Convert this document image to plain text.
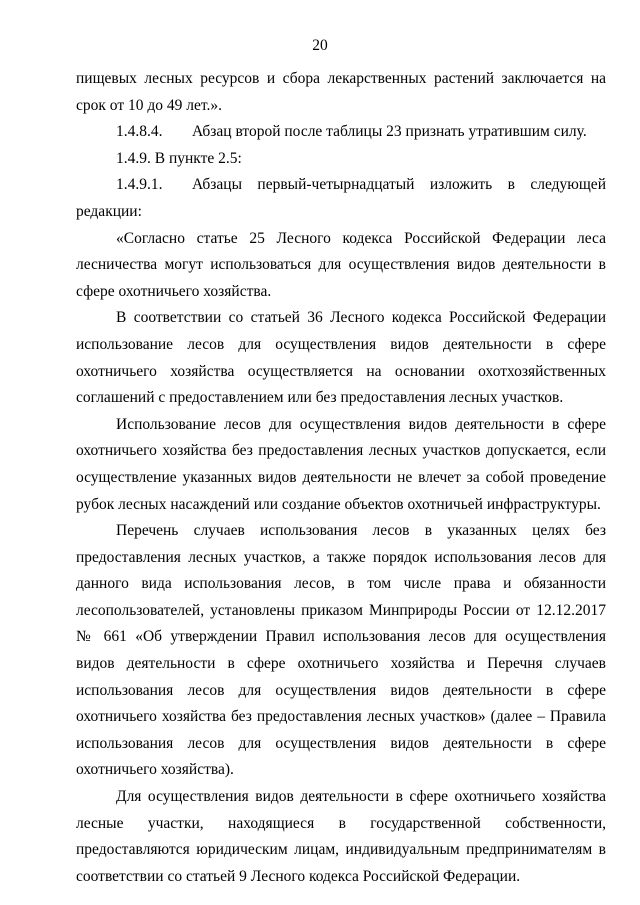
20

пищевых лесных ресурсов и сбора лекарственных растений заключается на срок от 10 до 49 лет.».

1.4.8.4. Абзац второй после таблицы 23 признать утратившим силу.

1.4.9. В пункте 2.5:

1.4.9.1. Абзацы первый-четырнадцатый изложить в следующей редакции:

«Согласно статье 25 Лесного кодекса Российской Федерации леса лесничества могут использоваться для осуществления видов деятельности в сфере охотничьего хозяйства.

В соответствии со статьей 36 Лесного кодекса Российской Федерации использование лесов для осуществления видов деятельности в сфере охотничьего хозяйства осуществляется на основании охотхозяйственных соглашений с предоставлением или без предоставления лесных участков.

Использование лесов для осуществления видов деятельности в сфере охотничьего хозяйства без предоставления лесных участков допускается, если осуществление указанных видов деятельности не влечет за собой проведение рубок лесных насаждений или создание объектов охотничьей инфраструктуры.

Перечень случаев использования лесов в указанных целях без предоставления лесных участков, а также порядок использования лесов для данного вида использования лесов, в том числе права и обязанности лесопользователей, установлены приказом Минприроды России от 12.12.2017 № 661 «Об утверждении Правил использования лесов для осуществления видов деятельности в сфере охотничьего хозяйства и Перечня случаев использования лесов для осуществления видов деятельности в сфере охотничьего хозяйства без предоставления лесных участков» (далее – Правила использования лесов для осуществления видов деятельности в сфере охотничьего хозяйства).

Для осуществления видов деятельности в сфере охотничьего хозяйства лесные участки, находящиеся в государственной собственности, предоставляются юридическим лицам, индивидуальным предпринимателям в соответствии со статьей 9 Лесного кодекса Российской Федерации.
